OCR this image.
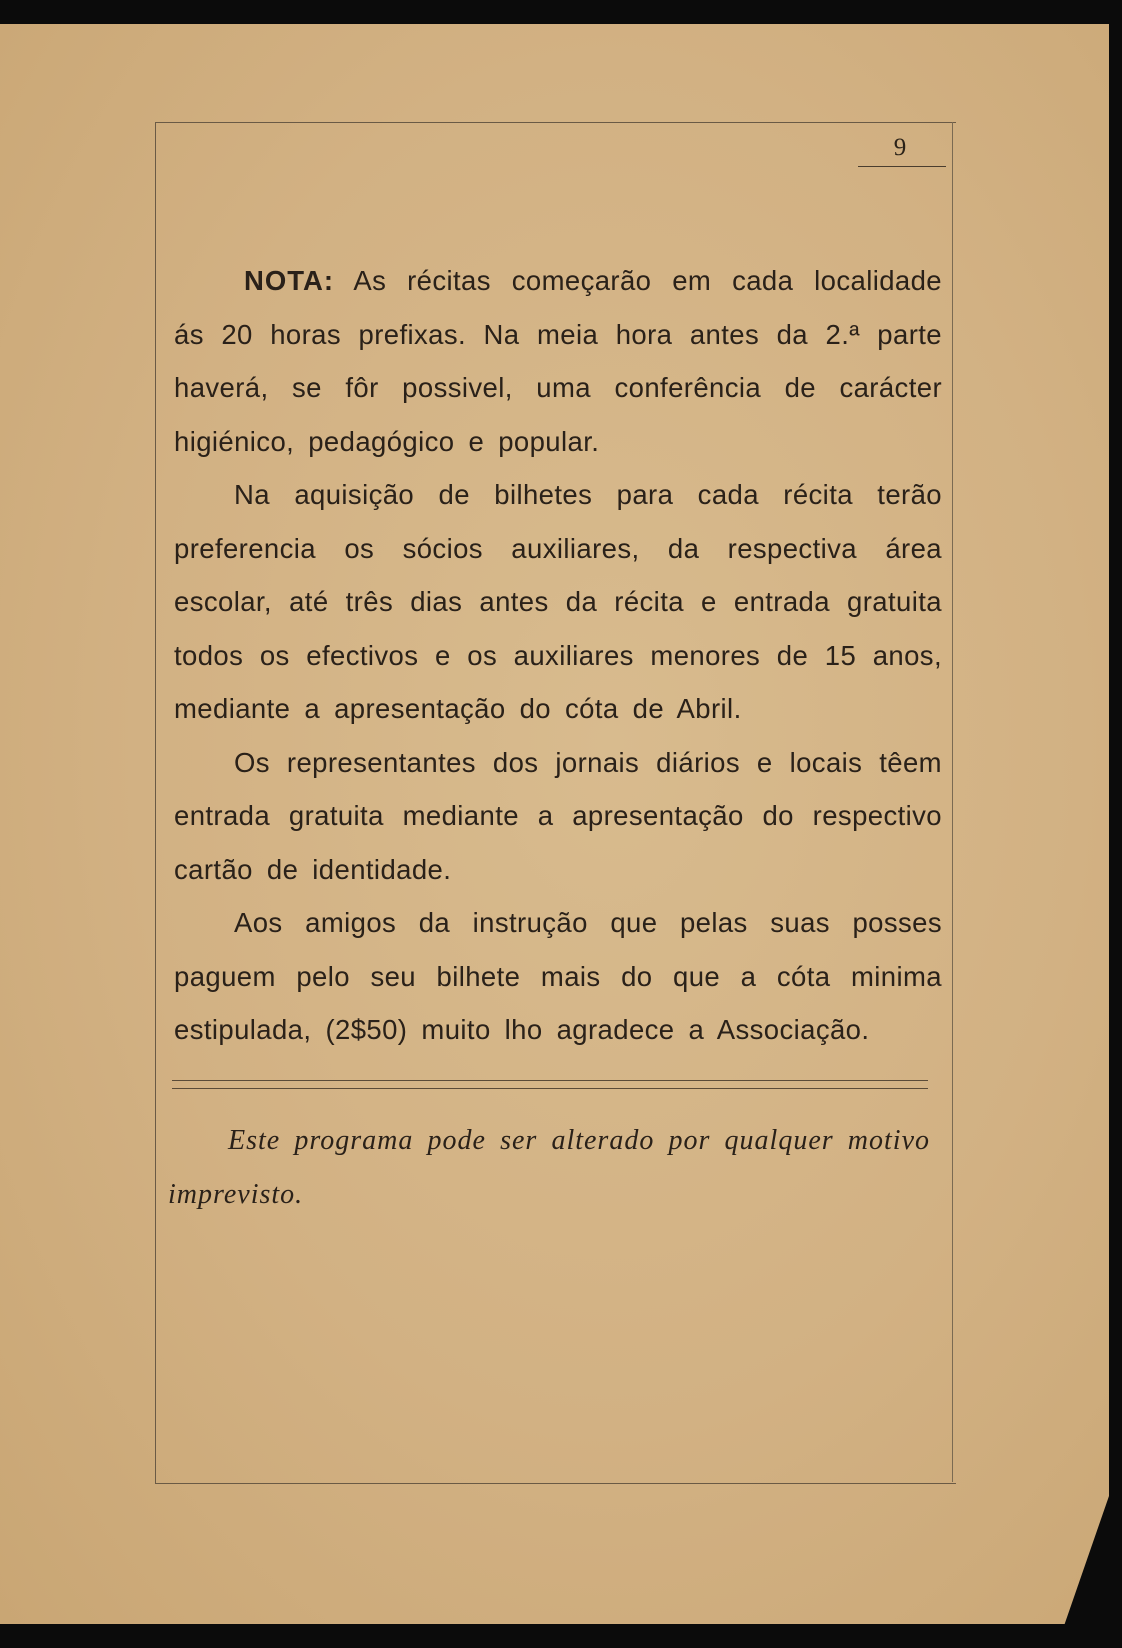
9

NOTA: As récitas começarão em cada localidade ás 20 horas prefixas. Na meia hora antes da 2.ª parte haverá, se fôr possivel, uma conferência de carácter higiénico, pedagógico e popular.

Na aquisição de bilhetes para cada récita terão preferencia os sócios auxiliares, da respectiva área escolar, até três dias antes da récita e entrada gratuita todos os efectivos e os auxiliares menores de 15 anos, mediante a apresentação do cóta de Abril.

Os representantes dos jornais diários e locais têem entrada gratuita mediante a apresentação do respectivo cartão de identidade.

Aos amigos da instrução que pelas suas posses paguem pelo seu bilhete mais do que a cóta minima estipulada, (2$50) muito lho agradece a Associação.

Este programa pode ser alterado por qualquer motivo imprevisto.
